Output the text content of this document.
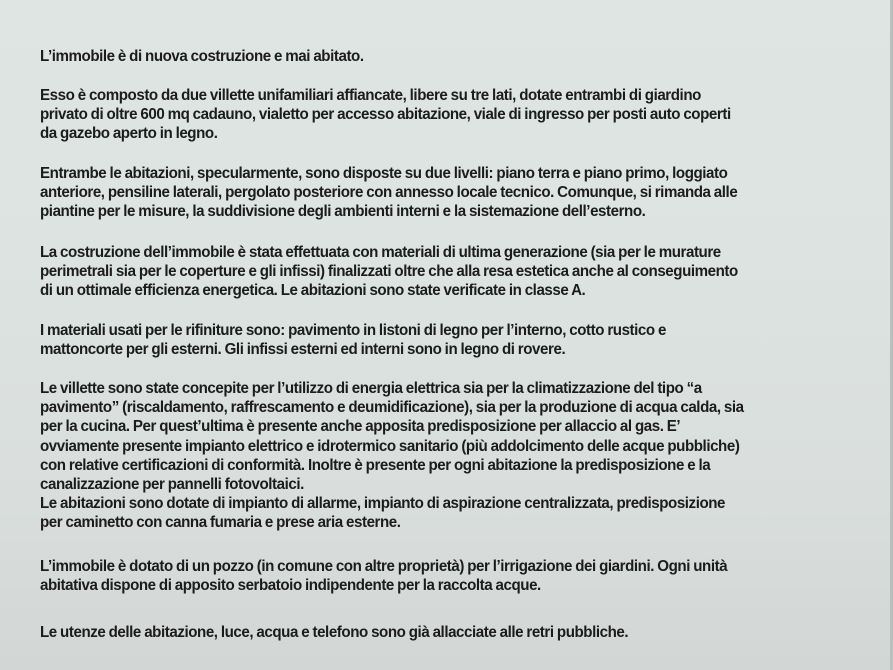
L’immobile è di nuova costruzione e mai abitato.

Esso è composto da due villette unifamiliari affiancate, libere su tre lati, dotate entrambi di giardino
privato di oltre 600 mq cadauno, vialetto per accesso abitazione, viale di ingresso per posti auto coperti
da gazebo aperto in legno.

Entrambe le abitazioni, specularmente, sono disposte su due livelli: piano terra e piano primo, loggiato
anteriore, pensiline laterali, pergolato posteriore con annesso locale tecnico. Comunque, si rimanda alle
piantine per le misure, la suddivisione degli ambienti interni e la sistemazione dell’esterno.

La costruzione dell’immobile è stata effettuata con materiali di ultima generazione (sia per le murature
perimetrali sia per le coperture e gli infissi) finalizzati oltre che alla resa estetica anche al conseguimento
di un ottimale efficienza energetica. Le abitazioni sono state verificate in classe A.

I materiali usati per le rifiniture sono: pavimento in listoni di legno per l’interno, cotto rustico e
mattoncorte per gli esterni. Gli infissi esterni ed interni sono in legno di rovere.

Le villette sono state concepite per l’utilizzo di energia elettrica sia per la climatizzazione del tipo “a
pavimento” (riscaldamento, raffrescamento e deumidificazione), sia per la produzione di acqua calda, sia
per la cucina. Per quest’ultima è presente anche apposita predisposizione per allaccio al gas. E’
ovviamente presente impianto elettrico e idrotermico sanitario (più addolcimento delle acque pubbliche)
con relative certificazioni di conformità. Inoltre è presente per ogni abitazione la predisposizione e la
canalizzazione per pannelli fotovoltaici.
Le abitazioni sono dotate di impianto di allarme, impianto di aspirazione centralizzata, predisposizione
per caminetto con canna fumaria e prese aria esterne.

L’immobile è dotato di un pozzo (in comune con altre proprietà) per l’irrigazione dei giardini. Ogni unità
abitativa dispone di apposito serbatoio indipendente per la raccolta acque.

Le utenze delle abitazione, luce, acqua e telefono sono già allacciate alle retri pubbliche.
